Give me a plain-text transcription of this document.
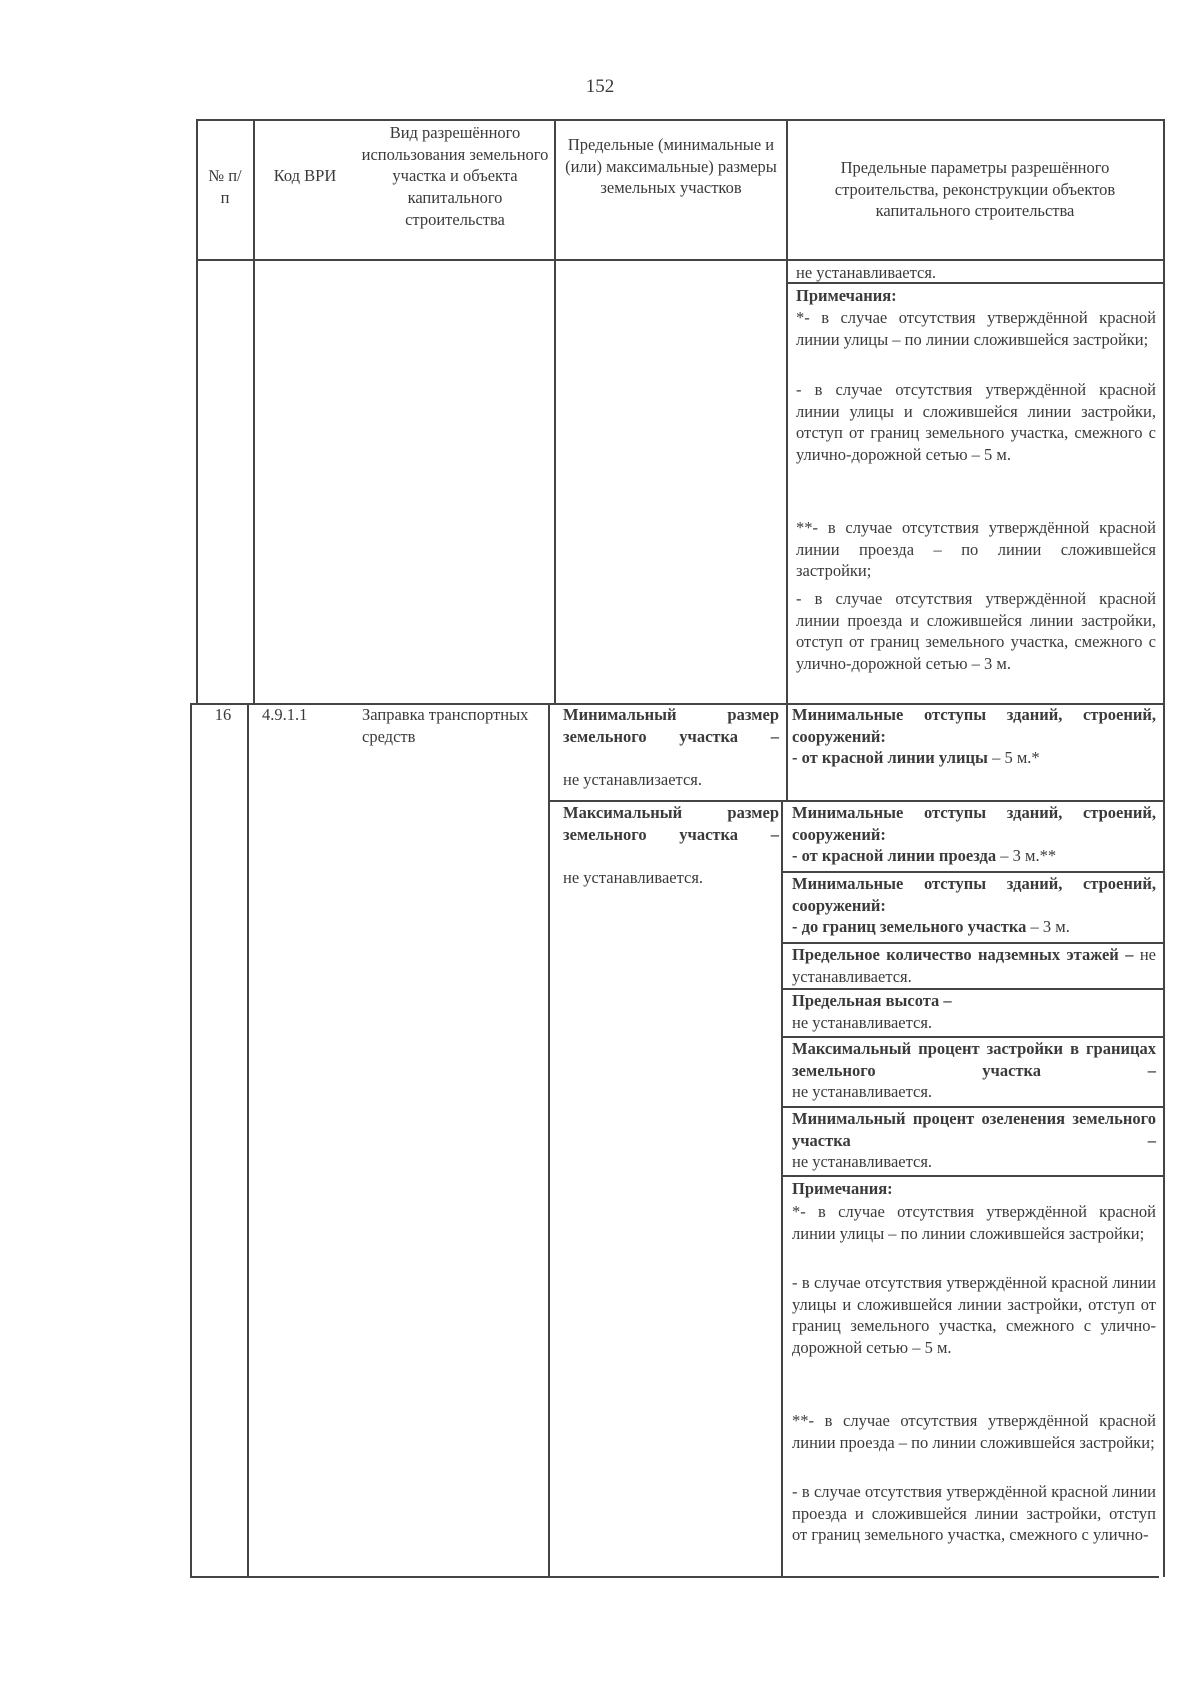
152
№ п/п
Код ВРИ
Вид разрешённого использования земельного участка и объекта капитального строительства
Предельные (минимальные и (или) максимальные) размеры земельных участков
Предельные параметры разрешённого строительства, реконструкции объектов капитального строительства
не устанавливается.
Примечания:
*- в случае отсутствия утверждённой красной линии улицы – по линии сложившейся застройки;
- в случае отсутствия утверждённой красной линии улицы и сложившейся линии застройки, отступ от границ земельного участка, смежного с улично-дорожной сетью – 5 м.
**- в случае отсутствия утверждённой красной линии проезда – по линии сложившейся застройки;
- в случае отсутствия утверждённой красной линии проезда и сложившейся линии застройки, отступ от границ земельного участка, смежного с улично-дорожной сетью – 3 м.
16	4.9.1.1	Заправка транспортных средств
Минимальный размер земельного участка –
не устанавлизается.
Максимальный размер земельного участка –
не устанавливается.
Минимальные отступы зданий, строений, сооружений:
- от красной линии улицы – 5 м.*
Минимальные отступы зданий, строений, сооружений:
- от красной линии проезда – 3 м.**
Минимальные отступы зданий, строений, сооружений:
- до границ земельного участка – 3 м.
Предельное количество надземных этажей – не устанавливается.
Предельная высота –
не устанавливается.
Максимальный процент застройки в границах земельного участка –
не устанавливается.
Минимальный процент озеленения земельного участка –
не устанавливается.
Примечания:
*- в случае отсутствия утверждённой красной линии улицы – по линии сложившейся застройки;
- в случае отсутствия утверждённой красной линии улицы и сложившейся линии застройки, отступ от границ земельного участка, смежного с улично-дорожной сетью – 5 м.
**- в случае отсутствия утверждённой красной линии проезда – по линии сложившейся застройки;
- в случае отсутствия утверждённой красной линии проезда и сложившейся линии застройки, отступ от границ земельного участка, смежного с улично-
